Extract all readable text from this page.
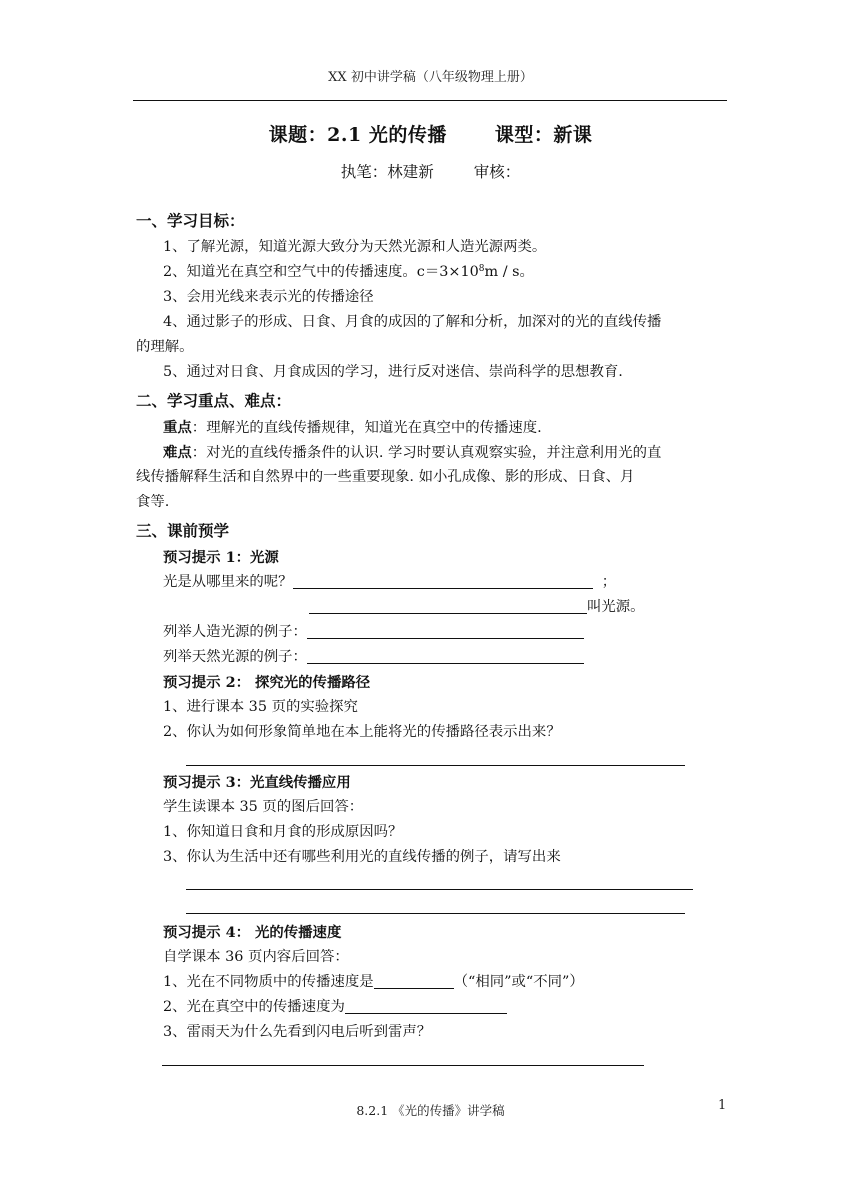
XX 初中讲学稿（八年级物理上册）
课题：2.1 光的传播	课型：新课
执笔：林建新	审核：
一、学习目标：
1、了解光源，知道光源大致分为天然光源和人造光源两类。
2、知道光在真空和空气中的传播速度。$c=3\times 10^8m / s$。
3、会用光线来表示光的传播途径
4、通过影子的形成、日食、月食的成因的了解和分析，加深对的光的直线传播
的理解。
5、通过对日食、月食成因的学习，进行反对迷信、崇尚科学的思想教育.
二、学习重点、难点：
重点：理解光的直线传播规律，知道光在真空中的传播速度.
难点：对光的直线传播条件的认识. 学习时要认真观察实验，并注意利用光的直
线传播解释生活和自然界中的一些重要现象. 如小孔成像、影的形成、日食、月
食等.
三、课前预学
预习提示 1：光源
光是从哪里来的呢？	；
叫光源。
列举人造光源的例子：
列举天然光源的例子：
预习提示 2： 探究光的传播路径
1、进行课本 35 页的实验探究
2、你认为如何形象简单地在本上能将光的传播路径表示出来？
预习提示 3：光直线传播应用
学生读课本 35 页的图后回答：
1、你知道日食和月食的形成原因吗？
3、你认为生活中还有哪些利用光的直线传播的例子，请写出来
预习提示 4： 光的传播速度
自学课本 36 页内容后回答：
1、光在不同物质中的传播速度是	（“相同”或“不同”）
2、光在真空中的传播速度为
3、雷雨天为什么先看到闪电后听到雷声？
8.2.1 《光的传播》讲学稿	1
